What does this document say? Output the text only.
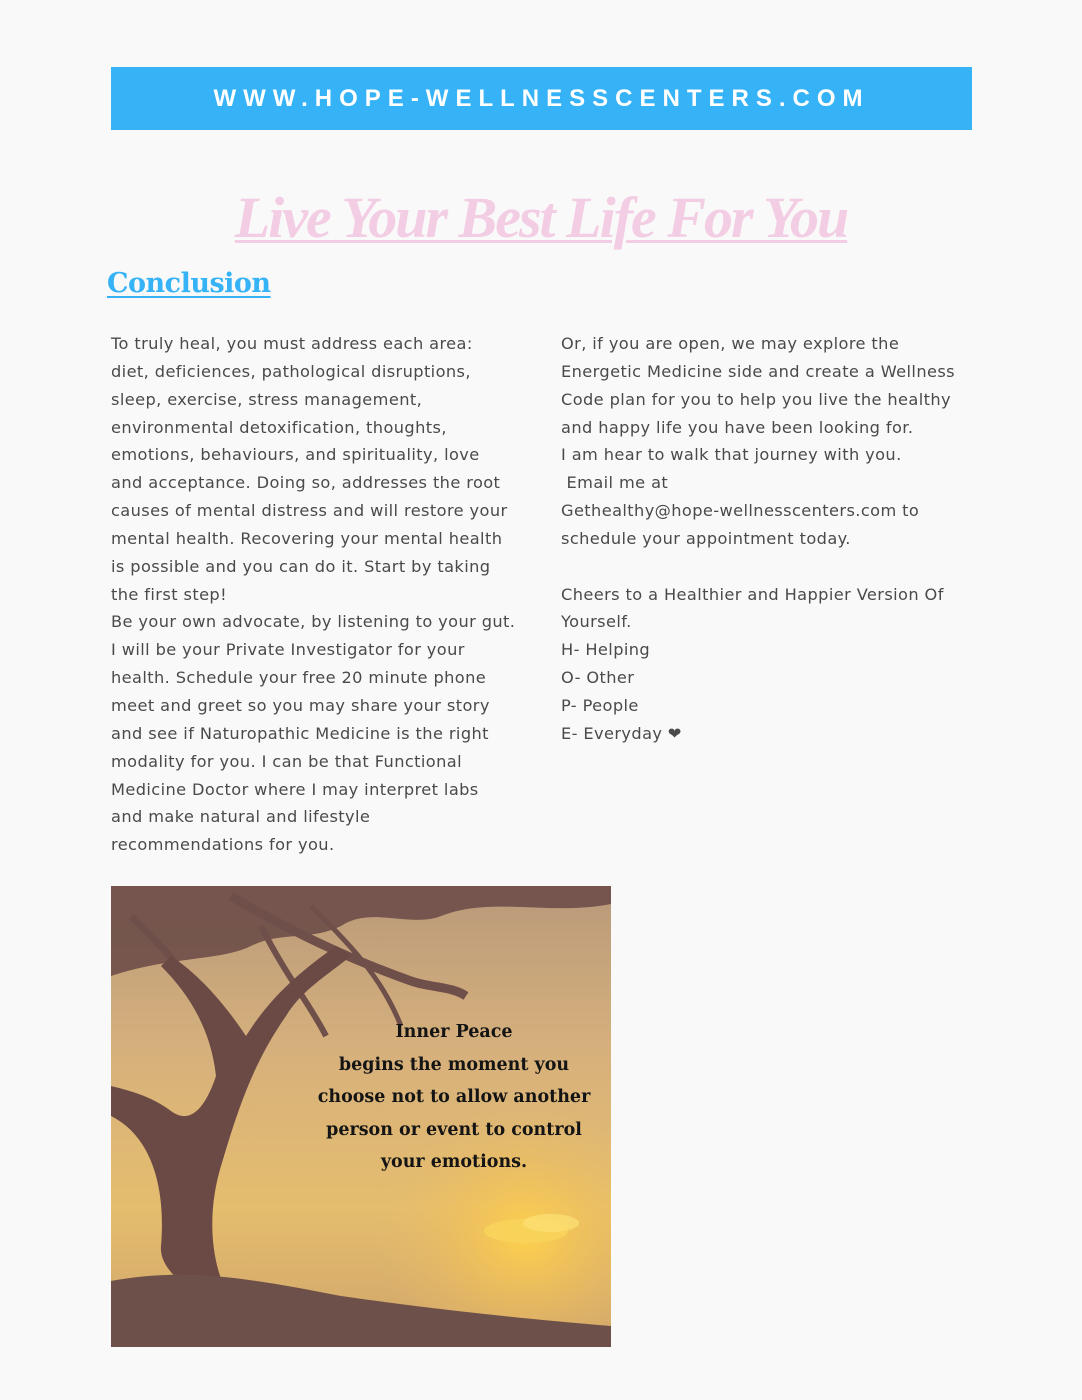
WWW.HOPE-WELLNESSCENTERS.COM
Live Your Best Life For You
Conclusion

To truly heal, you must address each area:

diet, deficiences, pathological disruptions,

sleep, exercise, stress management,

environmental detoxification, thoughts,

emotions, behaviours, and spirituality, love

and acceptance. Doing so, addresses the root

causes of mental distress and will restore your

mental health. Recovering your mental health

is possible and you can do it. Start by taking

the first step!

Be your own advocate, by listening to your gut.

I will be your Private Investigator for your

health. Schedule your free 20 minute phone

meet and greet so you may share your story

and see if Naturopathic Medicine is the right

modality for you. I can be that Functional

Medicine Doctor where I may interpret labs

and make natural and lifestyle

recommendations for you.

Or, if you are open, we may explore the

Energetic Medicine side and create a Wellness

Code plan for you to help you live the healthy

and happy life you have been looking for.

I am hear to walk that journey with you.

Email me at

Gethealthy@hope-wellnesscenters.com to

schedule your appointment today.

Cheers to a Healthier and Happier Version Of

Yourself.

H- Helping

O- Other

P- People

E- Everyday ❤

Inner Peace
begins the moment you
choose not to allow another
person or event to control
your emotions.
